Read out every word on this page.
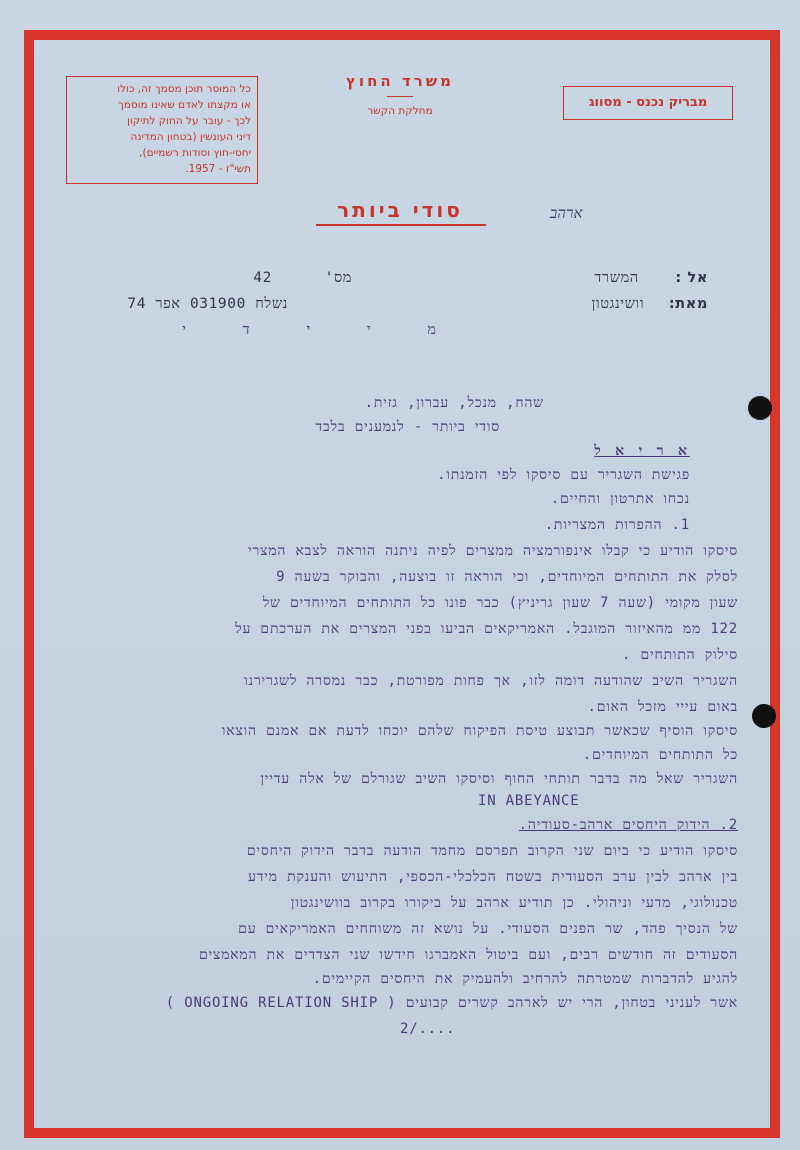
כל המוסר תוכן מסמך זה, כולו
או מקצתו לאדם שאינו מוסמך
לכך - עובר על החוק לתיקון
דיני העונשין (בטחון המדינה
יחסי-חוץ וסודות רשמיים),
תשי"ז - 1957.
משרד החוץ
מחלקת הקשר
מבריק נכנס - מסווג
סודי ביותר	ארהב
אל :  המשרד
מאת:  וושינגטון
מס'  42
נשלח 031900 אפר 74
מ י י ד י
שהח, מנכל, עברון, גזית.
סודי ביותר - לנמענים בלבד
א ר י א ל
פגישת השגריר עם סיסקו לפי הזמנתו.
נכחו אתרטון והחיים.
1. ההפרות המצריות.
סיסקו הודיע כי קבלו אינפורמציה ממצרים לפיה ניתנה הוראה לצבא המצרי
לסלק את התותחים המיוחדים, וכי הוראה זו בוצעה, והבוקר בשעה 9
שעון מקומי (שעה 7 שעון גריניץ) כבר פונו כל התותחים המיוחדים של
122 ממ מהאיזור המוגבל. האמריקאים הביעו בפני המצרים את הערכתם על
סילוק התותחים .
השגריר השיב שהודעה דומה לזו, אך פחות מפורטת, כבר נמסרה לשגרירנו
באום עייי מזכל האום.
סיסקו הוסיף שכאשר תבוצע טיסת הפיקוח שלהם יוכחו לדעת אם אמנם הוצאו
כל התותחים המיוחדים.
השגריר שאל מה בדבר תותחי החוף וסיסקו השיב שגורלם של אלה עדיין
IN ABEYANCE
2. הידוק היחסים ארהב-סעודיה.
סיסקו הודיע כי ביום שני הקרוב תפרסם מחמד הודעה בדבר הידוק היחסים
בין ארהב לבין ערב הסעודית בשטח הכלכלי-הכספי, התיעוש והענקת מידע
טכנולוגי, מדעי וניהולי. כן תודיע ארהב על ביקורו בקרוב בוושינגטון
של הנסיך פהד, שר הפנים הסעודי. על נושא זה משוחחים האמריקאים עם
הסעודים זה חודשים רבים, ועם ביטול האמברגו חידשו שני הצדדים את המאמצים
להגיע להדברות שמטרתה להרחיב ולהעמיק את היחסים הקיימים.
אשר לעניני בטחון, הרי יש לארהב קשרים קבועים ( ONGOING RELATION SHIP )
2/....
